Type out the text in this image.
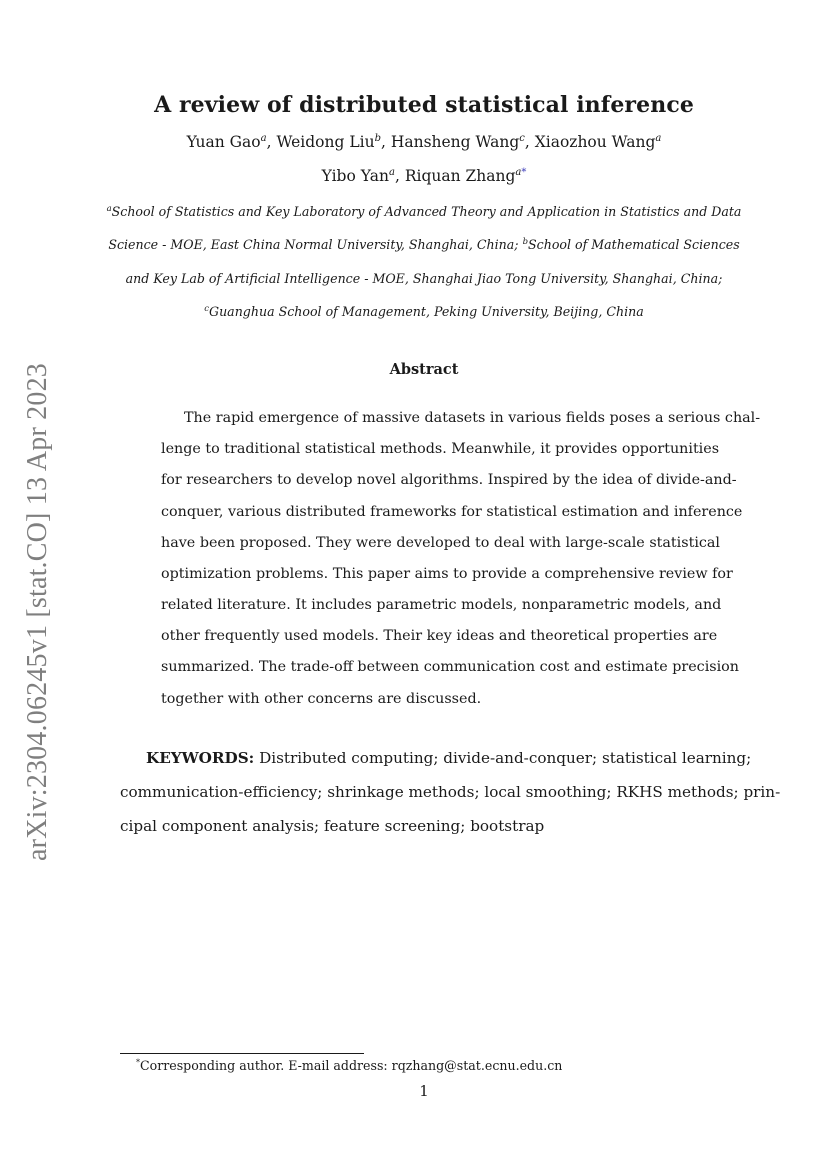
arXiv:2304.06245v1 [stat.CO] 13 Apr 2023
A review of distributed statistical inference
Yuan Gao$^a$, Weidong Liu$^b$, Hansheng Wang$^c$, Xiaozhou Wang$^a$
Yibo Yan$^a$, Riquan Zhang$^{a*}$
$^a$School of Statistics and Key Laboratory of Advanced Theory and Application in Statistics and Data
Science - MOE, East China Normal University, Shanghai, China; $^b$School of Mathematical Sciences
and Key Lab of Artificial Intelligence - MOE, Shanghai Jiao Tong University, Shanghai, China;
$^c$Guanghua School of Management, Peking University, Beijing, China
Abstract
The rapid emergence of massive datasets in various fields poses a serious chal-
lenge to traditional statistical methods. Meanwhile, it provides opportunities
for researchers to develop novel algorithms. Inspired by the idea of divide-and-
conquer, various distributed frameworks for statistical estimation and inference
have been proposed. They were developed to deal with large-scale statistical
optimization problems. This paper aims to provide a comprehensive review for
related literature. It includes parametric models, nonparametric models, and
other frequently used models. Their key ideas and theoretical properties are
summarized. The trade-off between communication cost and estimate precision
together with other concerns are discussed.
KEYWORDS: Distributed computing; divide-and-conquer; statistical learning;
communication-efficiency; shrinkage methods; local smoothing; RKHS methods; prin-
cipal component analysis; feature screening; bootstrap
*Corresponding author. E-mail address: rqzhang@stat.ecnu.edu.cn
1
